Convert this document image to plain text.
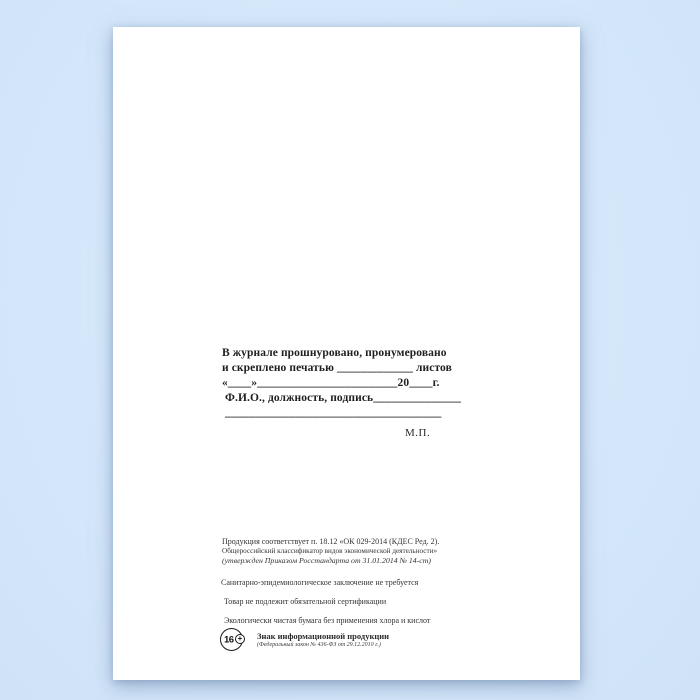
В журнале прошнуровано, пронумеровано
и скреплено печатью _____________ листов
«____»________________________20____г.
Ф.И.О., должность, подпись_______________
_____________________________________
М.П.
Продукция соответствует п. 18.12 «ОК 029-2014 (КДЕС Ред. 2).
Общероссийский классификатор видов экономической деятельности»
(утвержден Приказом Росстандарта от 31.01.2014 № 14-ст)
Санитарно-эпидемиологическое заключение не требуется
Товар не подлежит обязательной сертификации
Экологически чистая бумага без применения хлора и кислот
16 +	Знак информационной продукции
(Федеральный закон № 436-ФЗ от 29.12.2010 г.)
